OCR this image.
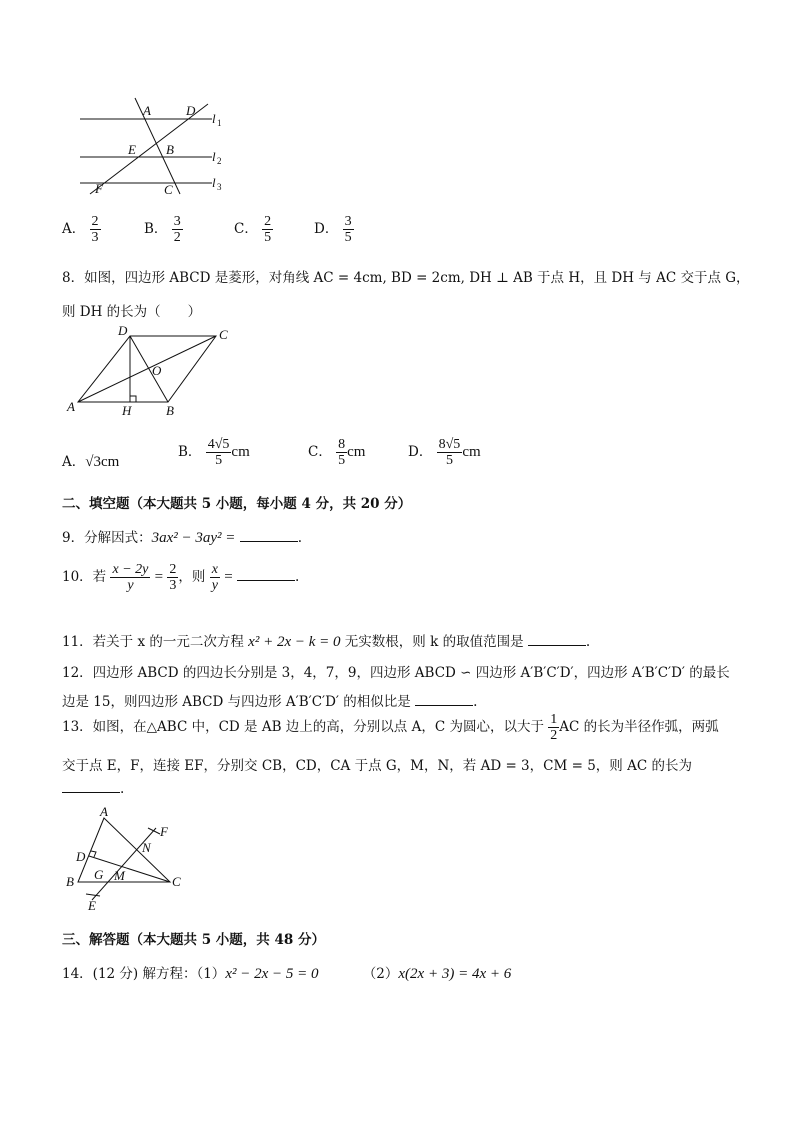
A	D
E B
F	C
l 1
l 2
l 3
A． $\frac{2}{3}$	B． $\frac{3}{2}$	C． $\frac{2}{5}$	D． $\frac{3}{5}$
8．如图，四边形 ABCD 是菱形，对角线 AC = 4cm, BD = 2cm, DH ⊥ AB 于点 H，且 DH 与 AC 交于点 G，
则 DH 的长为（　　）
D	C
O
A	H	B
A．√3cm
B． $\frac{4√5}{5}$ cm	C． $\frac{8}{5}$ cm	D． $\frac{8√5}{5}$ cm
二、填空题（本大题共 5 小题，每小题 4 分，共 20 分）
9．分解因式：3ax² − 3ay² =	.
10．若 $\frac{x - 2y}{y} = \frac{2}{3}$ ，则 $\frac{x}{y}$ =	.
11．若关于 x 的一元二次方程 x² + 2x − k = 0 无实数根，则 k 的取值范围是	.
12．四边形 ABCD 的四边长分别是 3，4，7，9，四边形 ABCD ∽ 四边形 A′B′C′D′，四边形 A′B′C′D′ 的最长
边是 15，则四边形 ABCD 与四边形 A′B′C′D′ 的相似比是	.
13．如图，在△ABC 中，CD 是 AB 边上的高，分别以点 A，C 为圆心，以大于 $\frac{1}{2}$ AC 的长为半径作弧，两弧
交于点 E，F，连接 EF，分别交 CB，CD，CA 于点 G，M，N，若 AD = 3，CM = 5，则 AC 的长为
.
A
F
N
D
G M
B	C
E
三、解答题（本大题共 5 小题，共 48 分）
14．(12 分) 解方程：（1）x² − 2x − 5 = 0	（2）x(2x + 3) = 4x + 6
